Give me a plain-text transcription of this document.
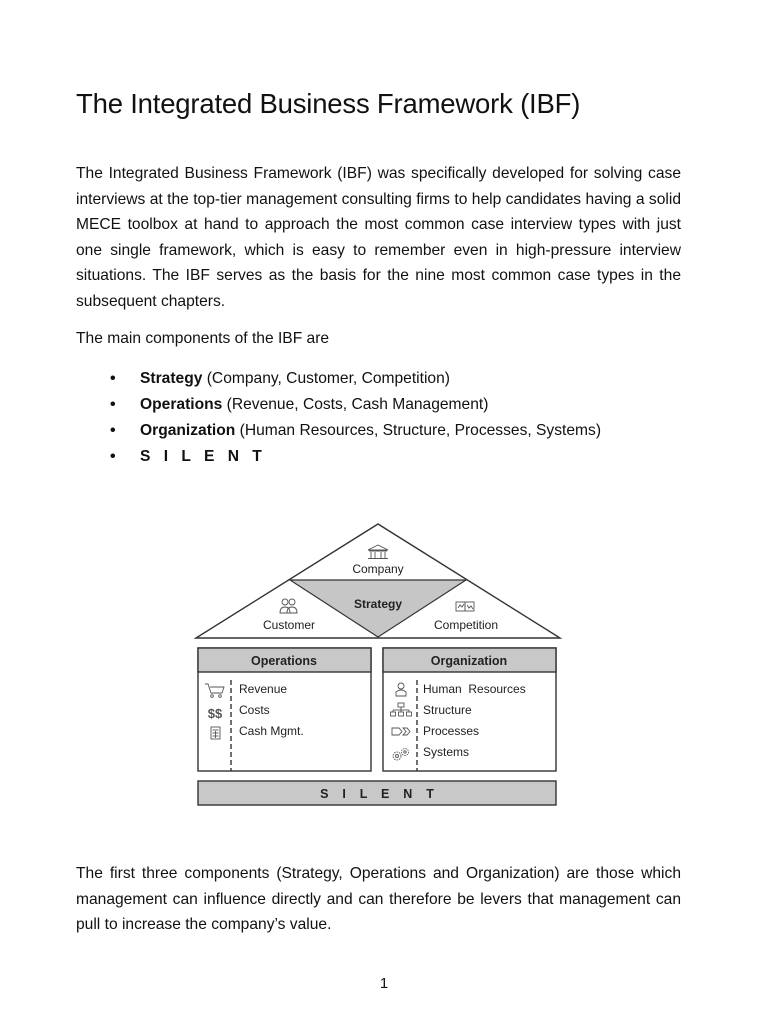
The Integrated Business Framework (IBF)

The Integrated Business Framework (IBF) was specifically developed for solving case interviews at the top-tier management consulting firms to help candidates having a solid MECE toolbox at hand to approach the most common case interview types with just one single framework, which is easy to remember even in high-pressure interview situations. The IBF serves as the basis for the nine most common case types in the subsequent chapters.

The main components of the IBF are

• Strategy (Company, Customer, Competition)
• Operations (Revenue, Costs, Cash Management)
• Organization (Human Resources, Structure, Processes, Systems)
• S I L E N T
Company
Strategy
Customer	Competition
Operations
Revenue
$$ Costs
Cash Mgmt.
Organization
Human  Resources
Structure
Processes
Systems
S    I    L    E    N    T

The first three components (Strategy, Operations and Organization) are those which management can influence directly and can therefore be levers that management can pull to increase the company’s value.

1
